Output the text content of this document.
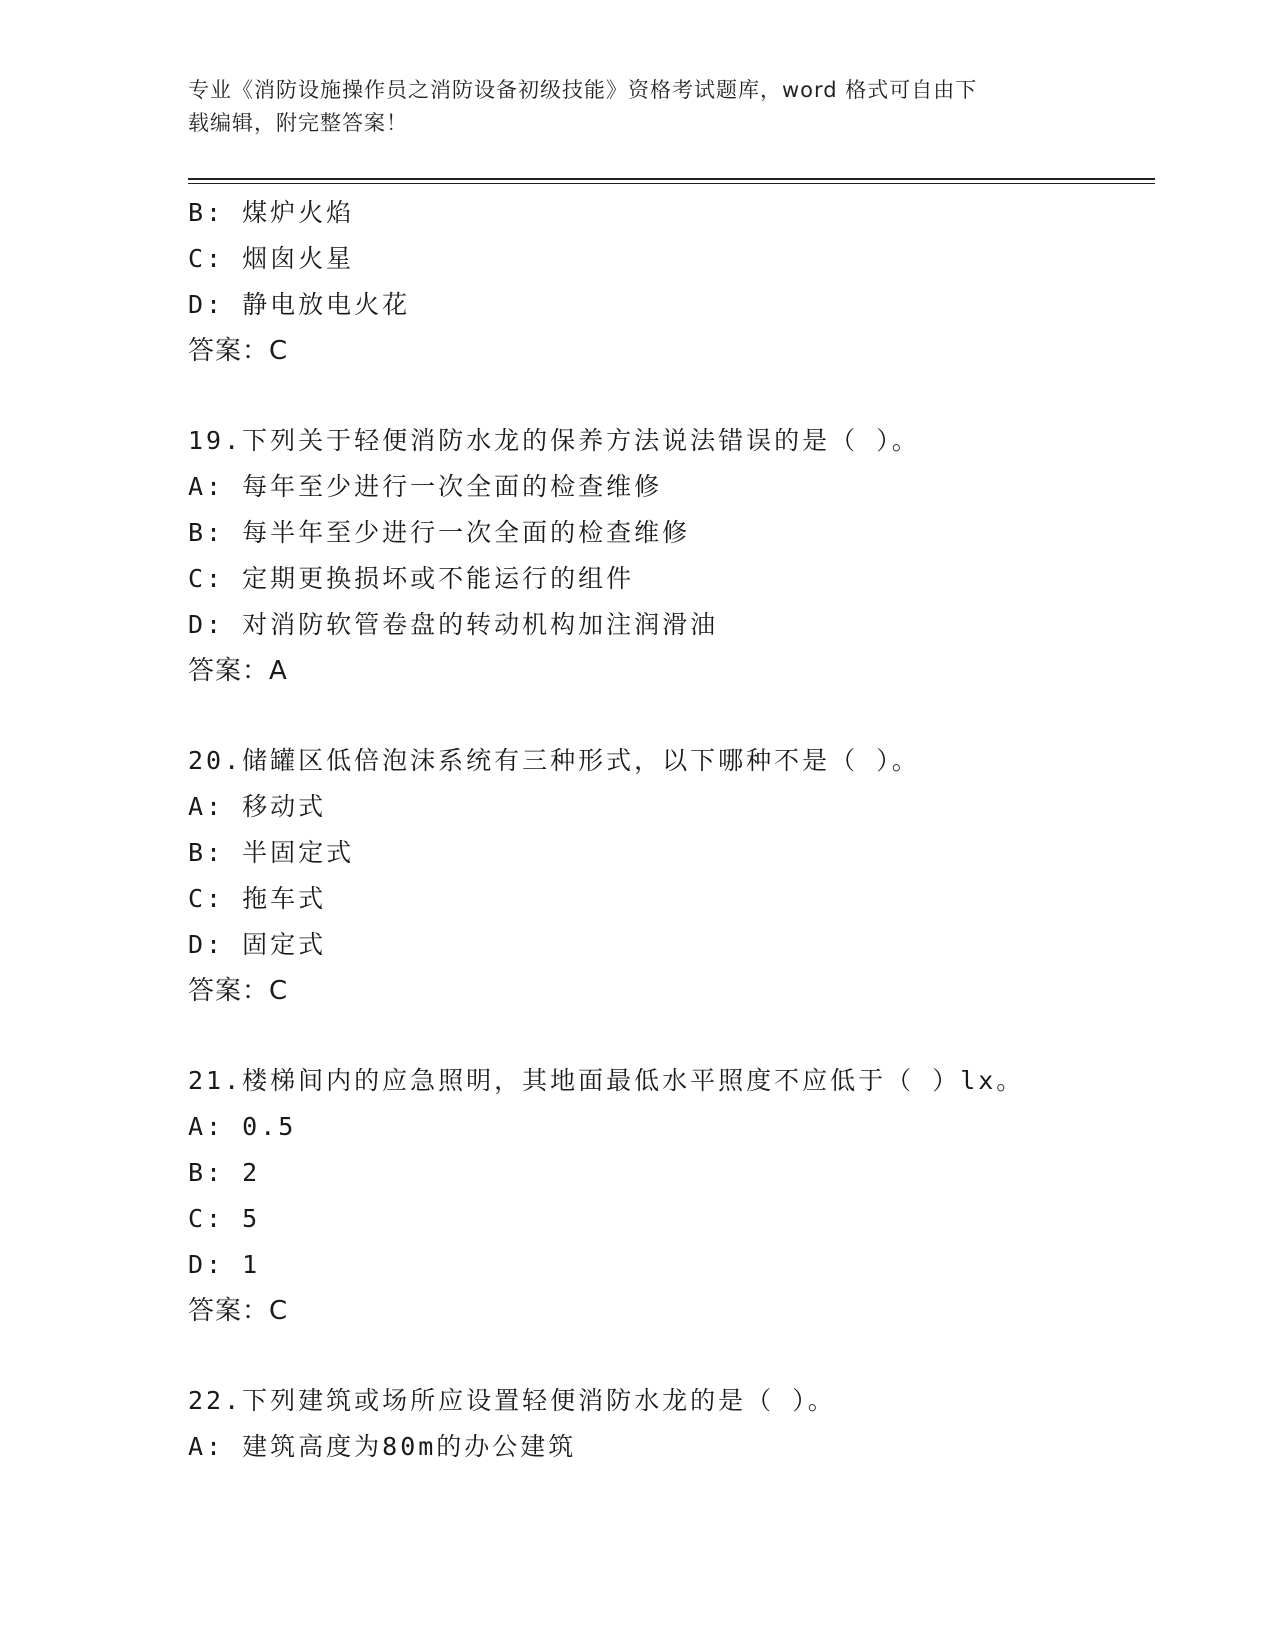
专业《消防设施操作员之消防设备初级技能》资格考试题库，word 格式可自由下
载编辑，附完整答案！
B: 煤炉火焰
C: 烟囱火星
D: 静电放电火花
答案：C
19.下列关于轻便消防水龙的保养方法说法错误的是（ ）。
A: 每年至少进行一次全面的检查维修
B: 每半年至少进行一次全面的检查维修
C: 定期更换损坏或不能运行的组件
D: 对消防软管卷盘的转动机构加注润滑油
答案：A
20.储罐区低倍泡沫系统有三种形式，以下哪种不是（ ）。
A: 移动式
B: 半固定式
C: 拖车式
D: 固定式
答案：C
21.楼梯间内的应急照明，其地面最低水平照度不应低于（ ）lx。
A: 0.5
B: 2
C: 5
D: 1
答案：C
22.下列建筑或场所应设置轻便消防水龙的是（ ）。
A: 建筑高度为80m的办公建筑
